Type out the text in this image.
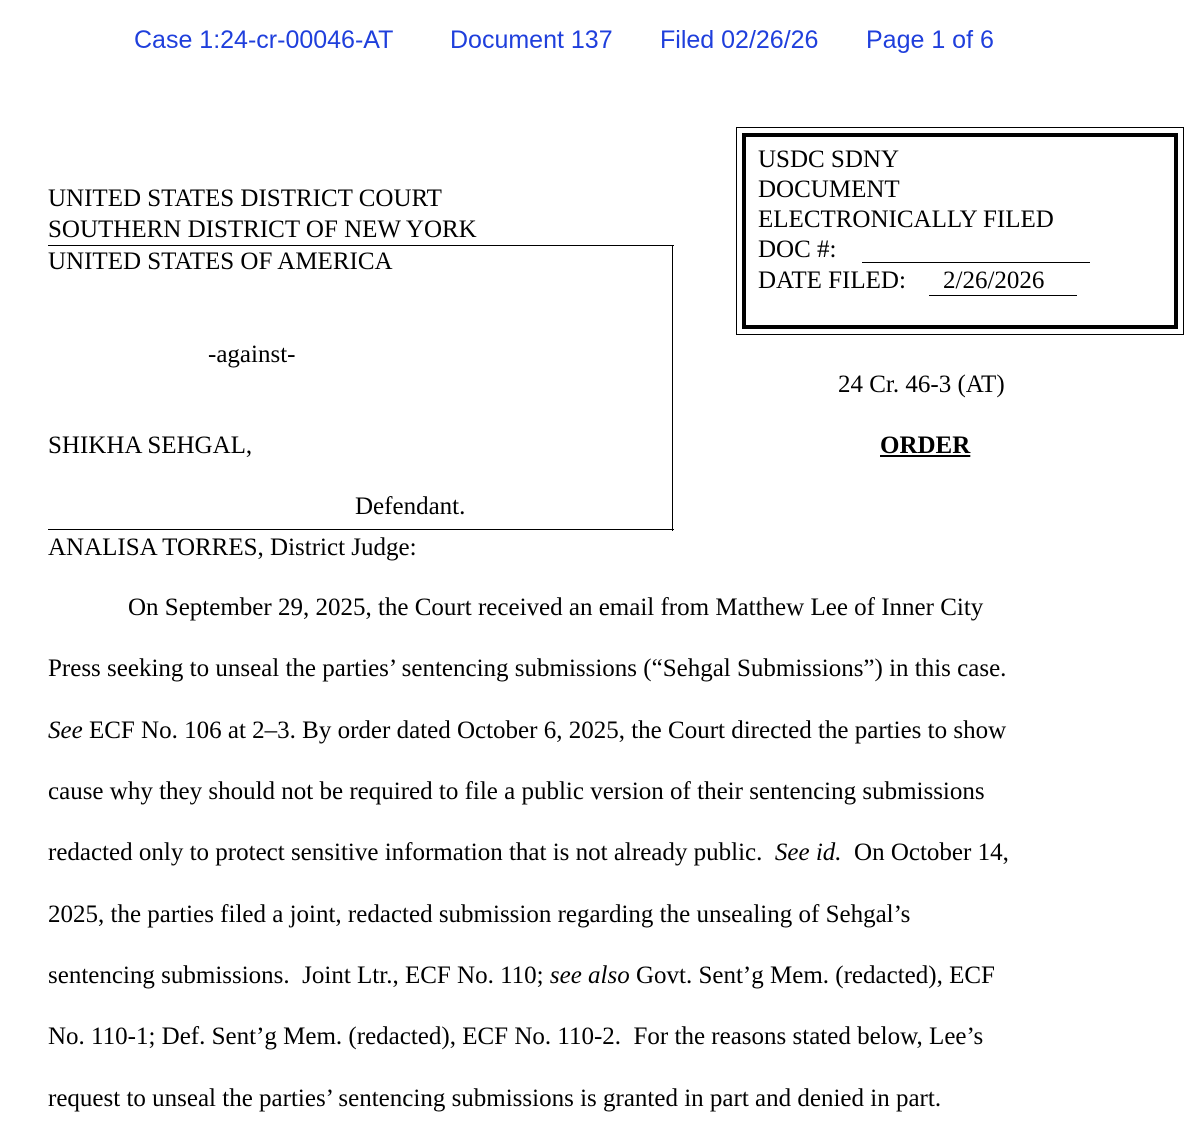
Case 1:24-cr-00046-AT Document 137 Filed 02/26/26 Page 1 of 6
USDC SDNY
DOCUMENT
ELECTRONICALLY FILED
DOC #:
DATE FILED: 2/26/2026
UNITED STATES DISTRICT COURT
SOUTHERN DISTRICT OF NEW YORK
UNITED STATES OF AMERICA
-against-
SHIKHA SEHGAL,
Defendant.
24 Cr. 46-3 (AT)
ORDER
ANALISA TORRES, District Judge:
On September 29, 2025, the Court received an email from Matthew Lee of Inner City
Press seeking to unseal the parties’ sentencing submissions (“Sehgal Submissions”) in this case.
See ECF No. 106 at 2–3. By order dated October 6, 2025, the Court directed the parties to show
cause why they should not be required to file a public version of their sentencing submissions
redacted only to protect sensitive information that is not already public.  See id.  On October 14,
2025, the parties filed a joint, redacted submission regarding the unsealing of Sehgal’s
sentencing submissions.  Joint Ltr., ECF No. 110; see also Govt. Sent’g Mem. (redacted), ECF
No. 110-1; Def. Sent’g Mem. (redacted), ECF No. 110-2.  For the reasons stated below, Lee’s
request to unseal the parties’ sentencing submissions is granted in part and denied in part.
